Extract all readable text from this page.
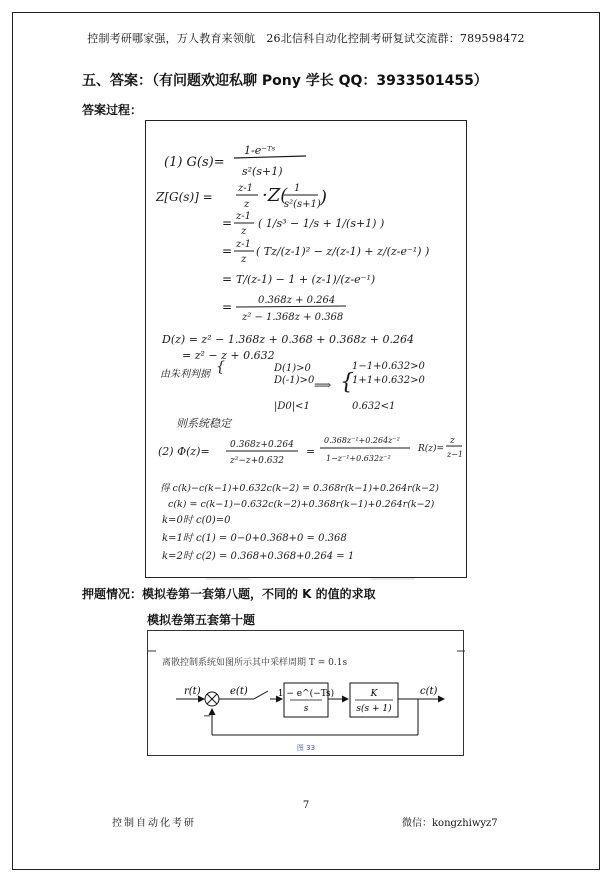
控制考研哪家强，万人教育来领航   26北信科自动化控制考研复试交流群：789598472
五、答案：（有问题欢迎私聊 Pony 学长 QQ：3933501455）
答案过程：
(1) G(s)=
1-e⁻ᵀˢ
s²(s+1)
Z[G(s)] =
z-1
z ·Z( 1
s²(s+1) )
= z-1
z
( 1/s³ − 1/s + 1/(s+1) )
= z-1
z
( Tz/(z-1)² − z/(z-1) + z/(z-e⁻¹) )
= T/(z-1) − 1 + (z-1)/(z-e⁻¹)
=	0.368z + 0.264
z² − 1.368z + 0.368
D(z) = z² − 1.368z + 0.368 + 0.368z + 0.264
= z² − z + 0.632
由朱利判据 {	D(1)>0
D(-1)>0
|D0|<1
⟹ {
1−1+0.632>0
1+1+0.632>0
0.632<1
则系统稳定
(2) Φ(z)= 0.368z+0.264
z²−z+0.632
=
0.368z⁻¹+0.264z⁻²
1−z⁻¹+0.632z⁻²
R(z)=
z
z−1
得 c(k)−c(k−1)+0.632c(k−2) = 0.368r(k−1)+0.264r(k−2)
c(k) = c(k−1)−0.632c(k−2)+0.368r(k−1)+0.264r(k−2)
k=0时 c(0)=0
k=1时 c(1) = 0−0+0.368+0 = 0.368
k=2时 c(2) = 0.368+0.368+0.264 = 1
押题情况：模拟卷第一套第八题，不同的 K 的值的求取
模拟卷第五套第十题
离散控制系统如图所示其中采样周期 T = 0.1s
r(t)
−
e(t)	1 − e^(−Ts)
s
K
s(s + 1)
c(t)
图 33
7
控制自动化考研	微信：kongzhiwyz7
